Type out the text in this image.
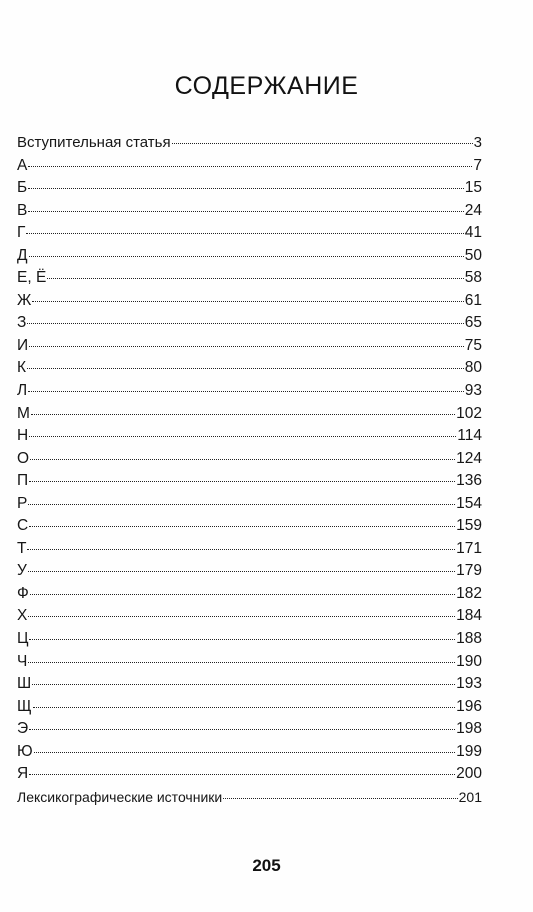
СОДЕРЖАНИЕ
Вступительная статья	3
А	7
Б	15
В	24
Г	41
Д	50
Е, Ё	58
Ж	61
З	65
И	75
К	80
Л	93
М	102
Н	114
О	124
П	136
Р	154
С	159
Т	171
У	179
Ф	182
Х	184
Ц	188
Ч	190
Ш	193
Щ	196
Э	198
Ю	199
Я	200
Лексикографические источники	201
205
